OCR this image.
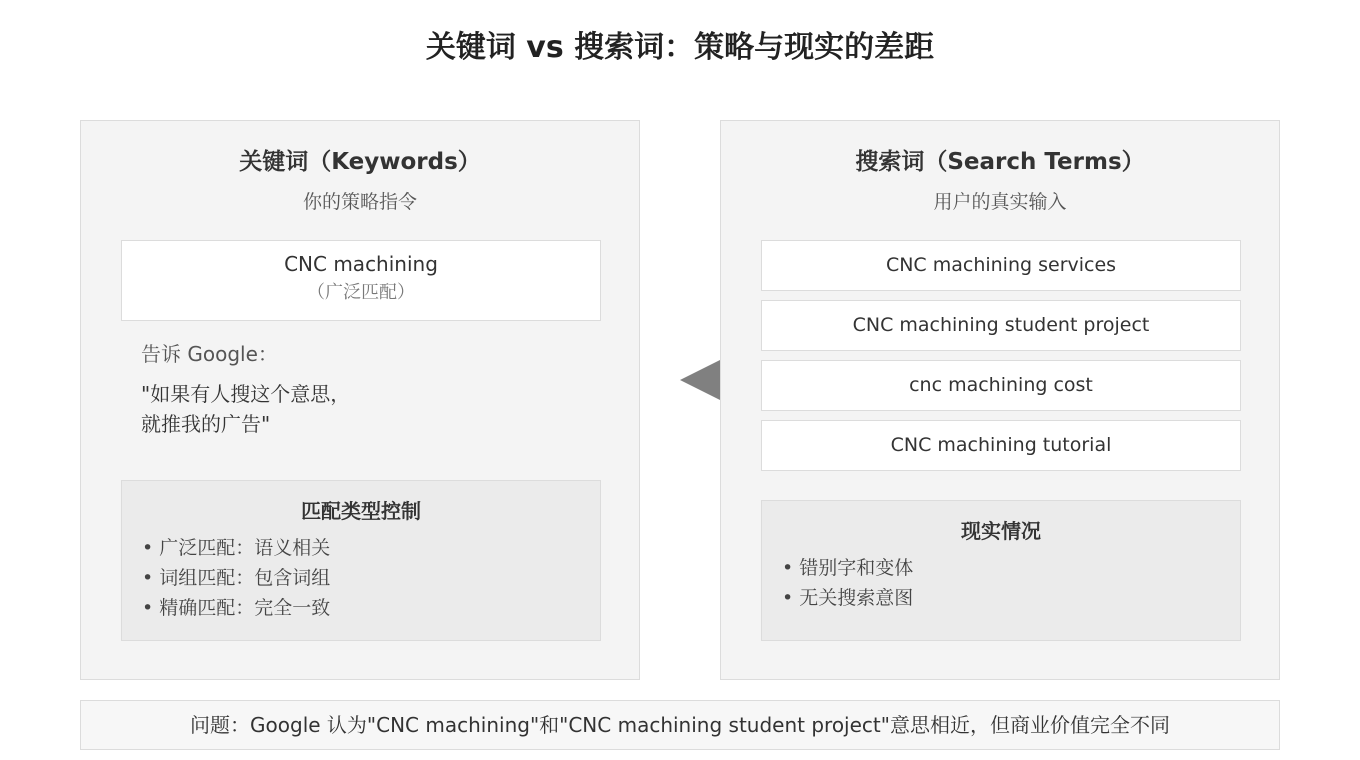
关键词 vs 搜索词：策略与现实的差距
关键词（Keywords）
你的策略指令
CNC machining
（广泛匹配）
告诉 Google：
"如果有人搜这个意思，
就推我的广告"
匹配类型控制
• 广泛匹配：语义相关
• 词组匹配：包含词组
• 精确匹配：完全一致
搜索词（Search Terms）
用户的真实输入
CNC machining services
CNC machining student project
cnc machining cost
CNC machining tutorial
现实情况
• 错别字和变体
• 无关搜索意图
问题：Google 认为"CNC machining"和"CNC machining student project"意思相近，但商业价值完全不同
